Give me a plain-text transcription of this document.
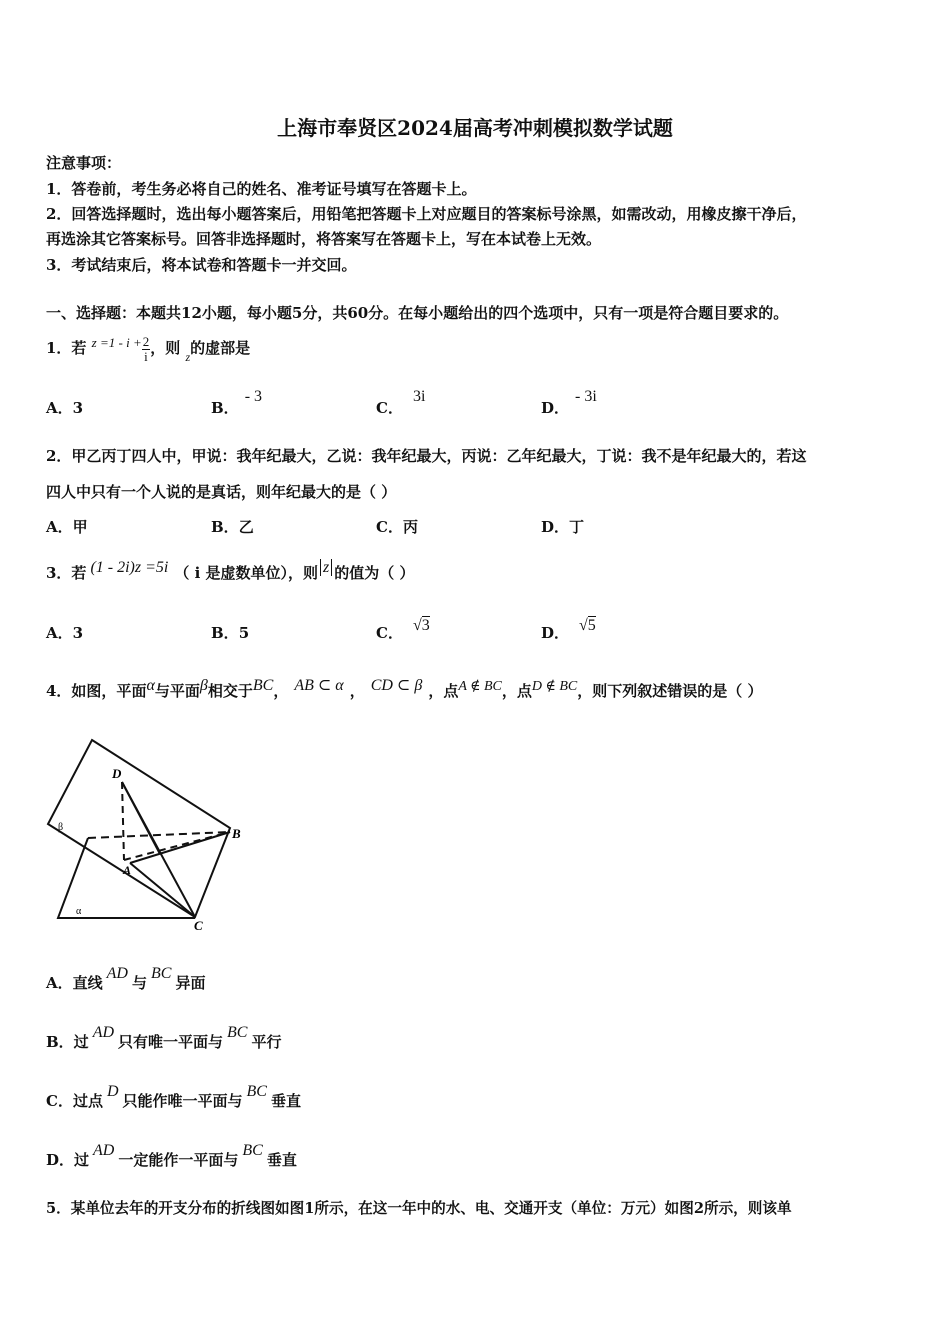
上海市奉贤区2024届高考冲刺模拟数学试题
注意事项：
1．答卷前，考生务必将自己的姓名、准考证号填写在答题卡上。
2．回答选择题时，选出每小题答案后，用铅笔把答题卡上对应题目的答案标号涂黑，如需改动，用橡皮擦干净后，
再选涂其它答案标号。回答非选择题时，将答案写在答题卡上，写在本试卷上无效。
3．考试结束后，将本试卷和答题卡一并交回。
一、选择题：本题共12小题，每小题5分，共60分。在每小题给出的四个选项中，只有一项是符合题目要求的。
1．若 $z =1 - i + \frac{2}{i}$ ，则 $_z$的虚部是
A．3	B．- 3
C．3i
D．- 3i
2．甲乙丙丁四人中，甲说：我年纪最大，乙说：我年纪最大，丙说：乙年纪最大，丁说：我不是年纪最大的，若这
四人中只有一个人说的是真话，则年纪最大的是（ ）
A．甲	B．乙	C．丙	D．丁
3．若 (1 - 2i)z =5i （ i 是虚数单位），则 z 的值为（ ）
A．3	B．5	C． √3	D． √5
4．如图，平面α与平面β相交于BC， AB ⊂ α ， CD ⊂ β ，点A ∉ BC，点D ∉ BC，则下列叙述错误的是（ ）
D
B
A
C
β
α
A．直线AD与BC异面
B．过AD只有唯一平面与BC平行
C．过点D只能作唯一平面与BC垂直
D．过AD一定能作一平面与BC垂直
5．某单位去年的开支分布的折线图如图1所示，在这一年中的水、电、交通开支（单位：万元）如图2所示，则该单
